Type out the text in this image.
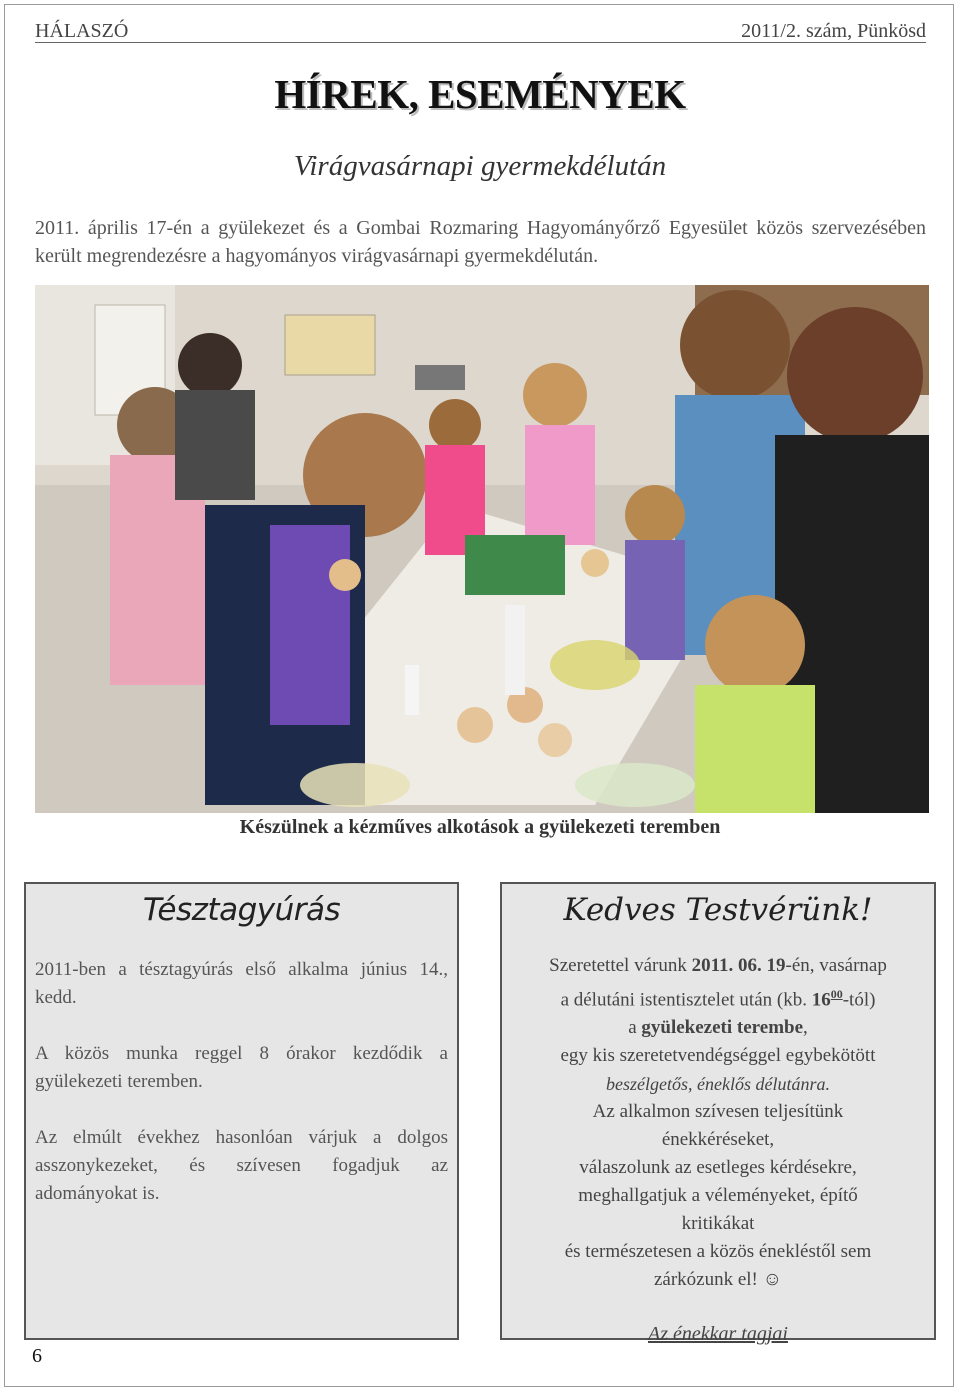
HÁLASZÓ	2011/2. szám, Pünkösd
HÍREK, ESEMÉNYEK
Virágvasárnapi gyermekdélután

2011. április 17-én a gyülekezet és a Gombai Rozmaring Hagyományőrző Egyesület közös szervezésében került megrendezésre a hagyományos virágvasárnapi gyermekdélután.

Készülnek a kézműves alkotások a gyülekezeti teremben
Tésztagyúrás

2011-ben a tésztagyúrás első alkalma június 14., kedd.

A közös munka reggel 8 órakor kezdődik a gyülekezeti teremben.

Az elmúlt évekhez hasonlóan várjuk a dolgos asszonykezeket, és szívesen fogadjuk az adományokat is.

Kedves Testvérünk!

Szeretettel várunk 2011. 06. 19-én, vasárnap

a délutáni istentisztelet után (kb. $16^{00}-tól$)

a gyülekezeti terembe,

egy kis szeretetvendégséggel egybekötött

beszélgetős, éneklős délutánra.

Az alkalmon szívesen teljesítünk

énekkéréseket,

válaszolunk az esetleges kérdésekre,

meghallgatjuk a véleményeket, építő

kritikákat

és természetesen a közös énekléstől sem

zárkózunk el! ☺

Az énekkar tagjai

6
